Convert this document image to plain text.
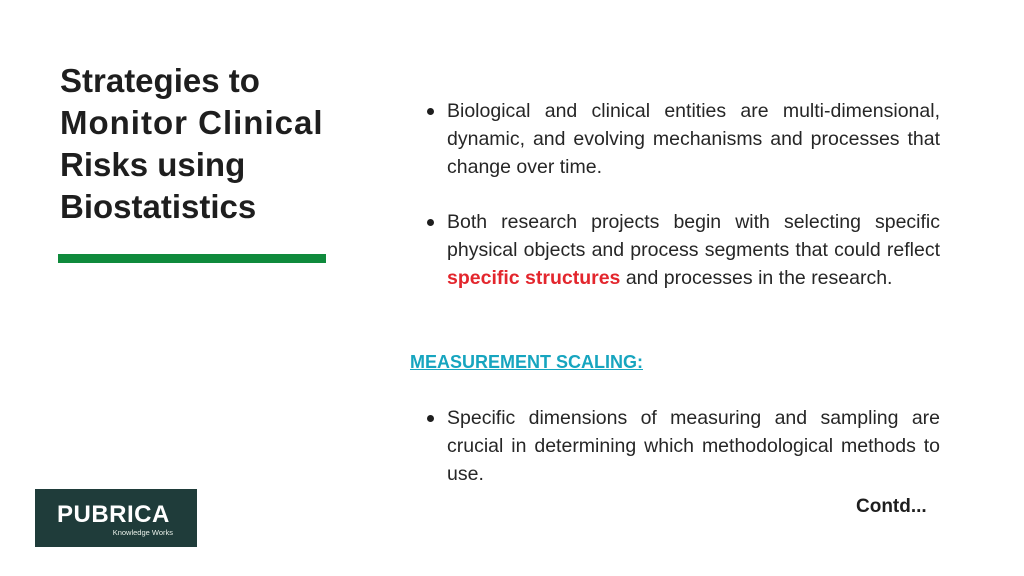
Strategies to
Monitor Clinical
Risks using
Biostatistics
Biological and clinical entities are multi-dimensional, dynamic, and evolving mechanisms and processes that change over time.
Both research projects begin with selecting specific physical objects and process segments that could reflect specific structures and processes in the research.
MEASUREMENT SCALING:
Specific dimensions of measuring and sampling are crucial in determining which methodological methods to use.
Contd...
PUBRICA
Knowledge Works
